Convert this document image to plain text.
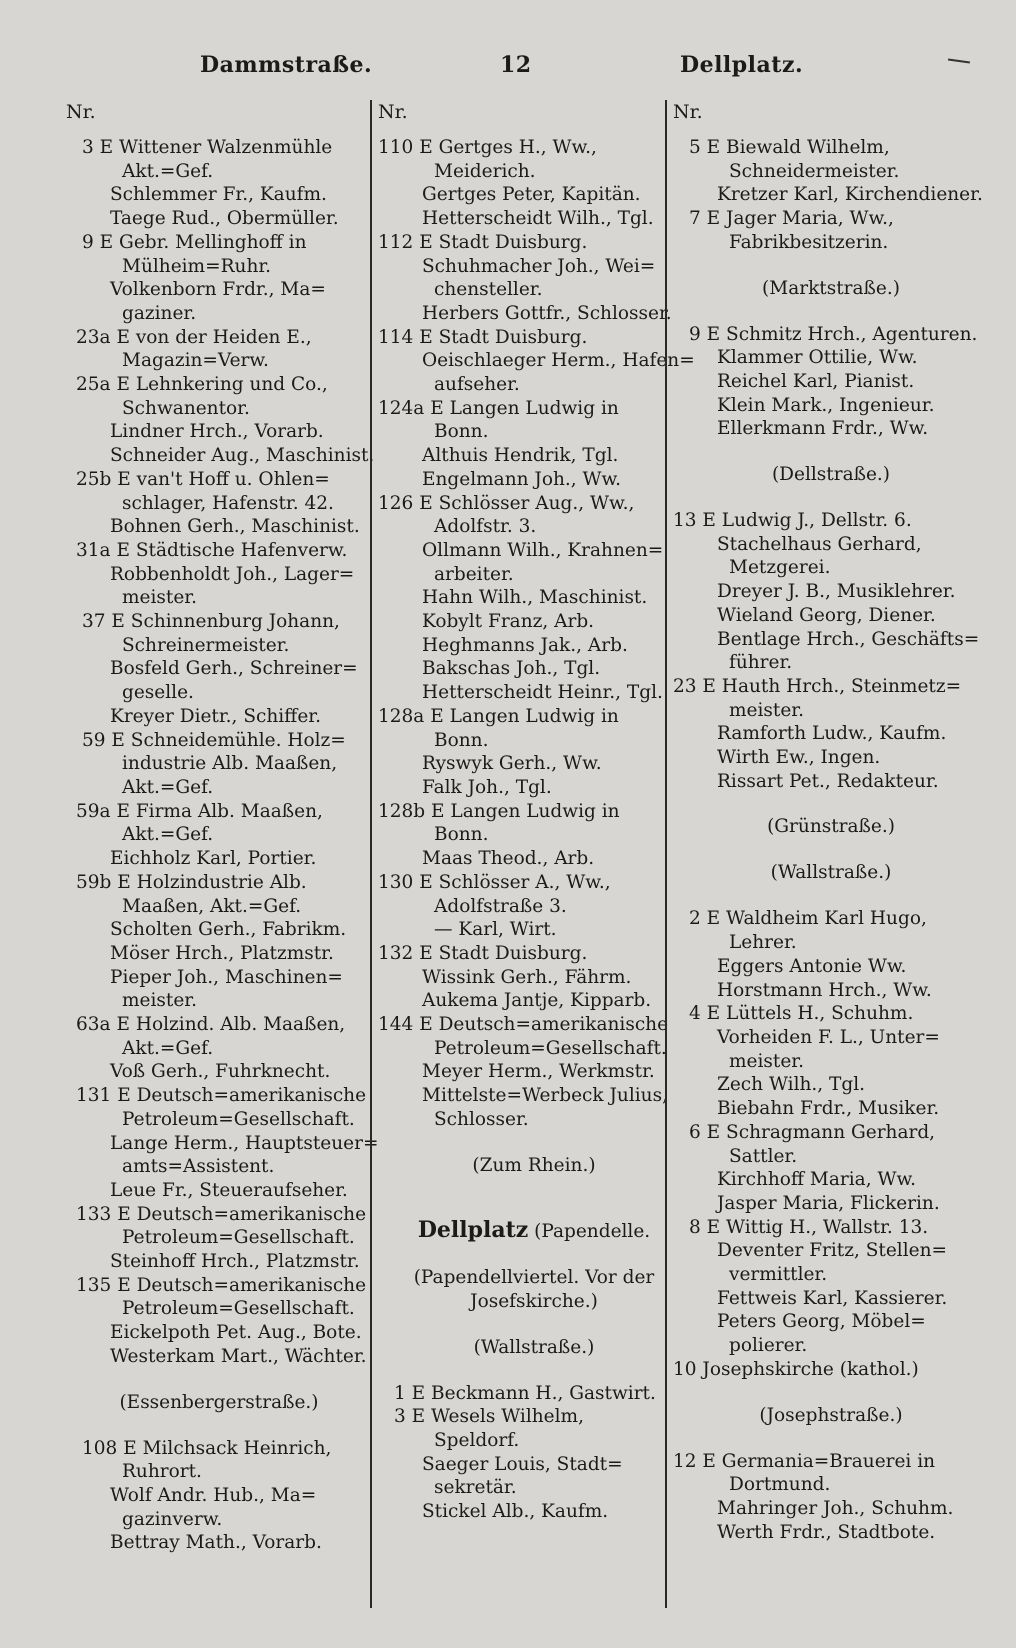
Dammstraße.	12	Dellplatz.
Nr.
3 E Wittener Walzenmühle
Akt.=Gef.
Schlemmer Fr., Kaufm.
Taege Rud., Obermüller.
9 E Gebr. Mellinghoff in
Mülheim=Ruhr.
Volkenborn Frdr., Ma=
gaziner.
23a E von der Heiden E.,
Magazin=Verw.
25a E Lehnkering und Co.,
Schwanentor.
Lindner Hrch., Vorarb.
Schneider Aug., Maschinist.
25b E van't Hoff u. Ohlen=
schlager, Hafenstr. 42.
Bohnen Gerh., Maschinist.
31a E Städtische Hafenverw.
Robbenholdt Joh., Lager=
meister.
37 E Schinnenburg Johann,
Schreinermeister.
Bosfeld Gerh., Schreiner=
geselle.
Kreyer Dietr., Schiffer.
59 E Schneidemühle. Holz=
industrie Alb. Maaßen,
Akt.=Gef.
59a E Firma Alb. Maaßen,
Akt.=Gef.
Eichholz Karl, Portier.
59b E Holzindustrie Alb.
Maaßen, Akt.=Gef.
Scholten Gerh., Fabrikm.
Möser Hrch., Platzmstr.
Pieper Joh., Maschinen=
meister.
63a E Holzind. Alb. Maaßen,
Akt.=Gef.
Voß Gerh., Fuhrknecht.
131 E Deutsch=amerikanische
Petroleum=Gesellschaft.
Lange Herm., Hauptsteuer=
amts=Assistent.
Leue Fr., Steueraufseher.
133 E Deutsch=amerikanische
Petroleum=Gesellschaft.
Steinhoff Hrch., Platzmstr.
135 E Deutsch=amerikanische
Petroleum=Gesellschaft.
Eickelpoth Pet. Aug., Bote.
Westerkam Mart., Wächter.
(Essenbergerstraße.)
108 E Milchsack Heinrich,
Ruhrort.
Wolf Andr. Hub., Ma=
gazinverw.
Bettray Math., Vorarb.
Nr.
110 E Gertges H., Ww.,
Meiderich.
Gertges Peter, Kapitän.
Hetterscheidt Wilh., Tgl.
112 E Stadt Duisburg.
Schuhmacher Joh., Wei=
chensteller.
Herbers Gottfr., Schlosser.
114 E Stadt Duisburg.
Oeischlaeger Herm., Hafen=
aufseher.
124a E Langen Ludwig in
Bonn.
Althuis Hendrik, Tgl.
Engelmann Joh., Ww.
126 E Schlösser Aug., Ww.,
Adolfstr. 3.
Ollmann Wilh., Krahnen=
arbeiter.
Hahn Wilh., Maschinist.
Kobylt Franz, Arb.
Heghmanns Jak., Arb.
Bakschas Joh., Tgl.
Hetterscheidt Heinr., Tgl.
128a E Langen Ludwig in
Bonn.
Ryswyk Gerh., Ww.
Falk Joh., Tgl.
128b E Langen Ludwig in
Bonn.
Maas Theod., Arb.
130 E Schlösser A., Ww.,
Adolfstraße 3.
— Karl, Wirt.
132 E Stadt Duisburg.
Wissink Gerh., Fährm.
Aukema Jantje, Kipparb.
144 E Deutsch=amerikanische
Petroleum=Gesellschaft.
Meyer Herm., Werkmstr.
Mittelste=Werbeck Julius,
Schlosser.
(Zum Rhein.)
Dellplatz (Papendelle.
(Papendellviertel. Vor der
Josefskirche.)
(Wallstraße.)
1 E Beckmann H., Gastwirt.
3 E Wesels Wilhelm,
Speldorf.
Saeger Louis, Stadt=
sekretär.
Stickel Alb., Kaufm.
Nr.
5 E Biewald Wilhelm,
Schneidermeister.
Kretzer Karl, Kirchendiener.
7 E Jager Maria, Ww.,
Fabrikbesitzerin.
(Marktstraße.)
9 E Schmitz Hrch., Agenturen.
Klammer Ottilie, Ww.
Reichel Karl, Pianist.
Klein Mark., Ingenieur.
Ellerkmann Frdr., Ww.
(Dellstraße.)
13 E Ludwig J., Dellstr. 6.
Stachelhaus Gerhard,
Metzgerei.
Dreyer J. B., Musiklehrer.
Wieland Georg, Diener.
Bentlage Hrch., Geschäfts=
führer.
23 E Hauth Hrch., Steinmetz=
meister.
Ramforth Ludw., Kaufm.
Wirth Ew., Ingen.
Rissart Pet., Redakteur.
(Grünstraße.)
(Wallstraße.)
2 E Waldheim Karl Hugo,
Lehrer.
Eggers Antonie Ww.
Horstmann Hrch., Ww.
4 E Lüttels H., Schuhm.
Vorheiden F. L., Unter=
meister.
Zech Wilh., Tgl.
Biebahn Frdr., Musiker.
6 E Schragmann Gerhard,
Sattler.
Kirchhoff Maria, Ww.
Jasper Maria, Flickerin.
8 E Wittig H., Wallstr. 13.
Deventer Fritz, Stellen=
vermittler.
Fettweis Karl, Kassierer.
Peters Georg, Möbel=
polierer.
10 Josephskirche (kathol.)
(Josephstraße.)
12 E Germania=Brauerei in
Dortmund.
Mahringer Joh., Schuhm.
Werth Frdr., Stadtbote.
